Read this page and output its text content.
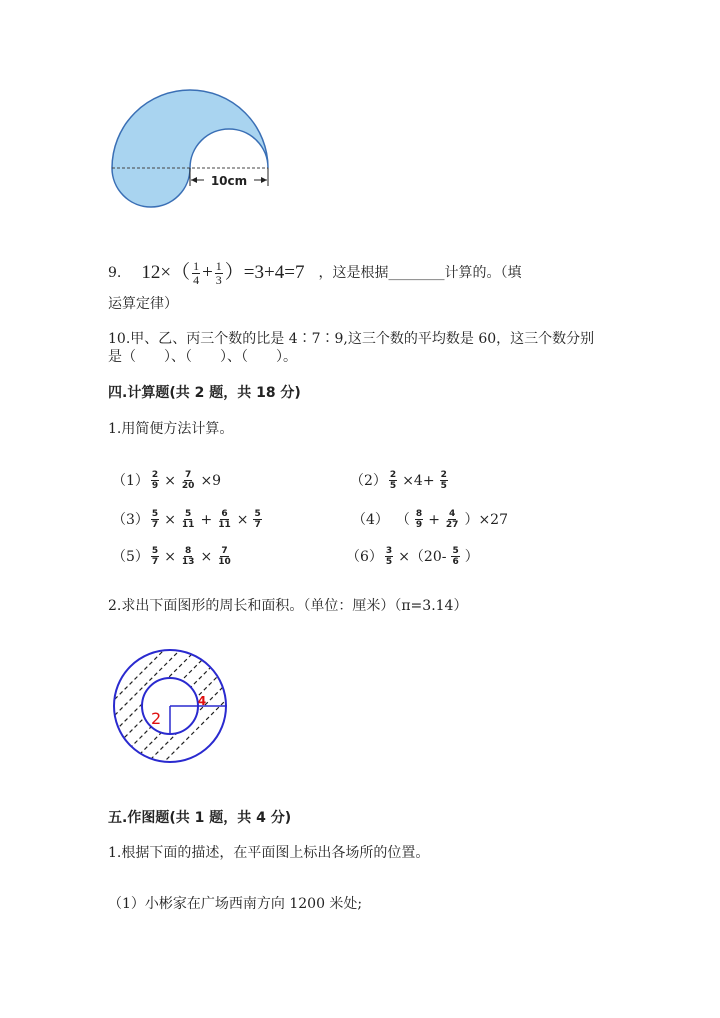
10cm
9. $12\times( \frac{1}{4} + \frac{1}{3} )=3+4=7$ ，这是根据________计算的。（填
运算定律）
10.甲、乙、丙三个数的比是 4∶7∶9,这三个数的平均数是 60，这三个数分别
是（　　）、（　　）、（　　）。
四.计算题(共 2 题，共 18 分)
1.用简便方法计算。
$(1) \frac{2}{9} \times \frac{7}{20} \times 9$	$(2) \frac{2}{5} \times 4+ \frac{2}{5}$
$(3) \frac{5}{7} \times \frac{5}{11} + \frac{6}{11} \times \frac{5}{7}$	（4） （ $\frac{8}{9} + \frac{4}{27} )\times 27$
$(5) \frac{5}{7} \times \frac{8}{13} \times \frac{7}{10}$	$(6) \frac{3}{5} \times(20- \frac{5}{6}$ ）
2.求出下面图形的周长和面积。（单位：厘米）（π=3.14）
2
4
五.作图题(共 1 题，共 4 分)
1.根据下面的描述，在平面图上标出各场所的位置。
（1）小彬家在广场西南方向 1200 米处;
